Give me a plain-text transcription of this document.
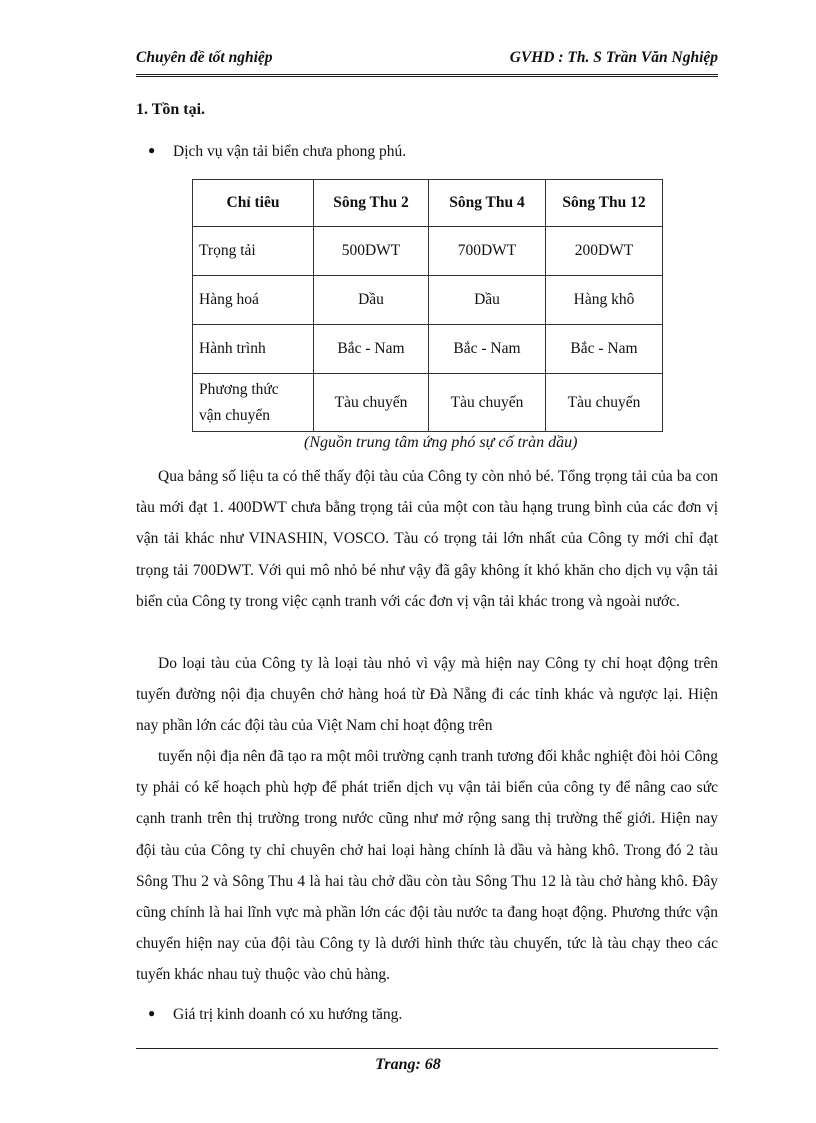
Chuyên đề tốt nghiệp	GVHD : Th. S Trần Văn Nghiệp
1. Tồn tại.
● Dịch vụ vận tải biển chưa phong phú.
Chỉ tiêu	Sông Thu 2	Sông Thu 4	Sông Thu 12
Trọng tải	500DWT	700DWT	200DWT
Hàng hoá	Dầu	Dầu	Hàng khô
Hành trình	Bắc - Nam	Bắc - Nam	Bắc - Nam

Phương thức
vận chuyển	Tàu chuyến	Tàu chuyến	Tàu chuyến
(Nguồn trung tâm ứng phó sự cố tràn dầu)

Qua bảng số liệu ta có thể thấy đội tàu của Công ty còn nhỏ bé. Tổng trọng tải của ba con tàu mới đạt 1. 400DWT chưa bằng trọng tải của một con tàu hạng trung bình của các đơn vị vận tải khác như VINASHIN, VOSCO. Tàu có trọng tải lớn nhất của Công ty mới chỉ đạt trọng tải 700DWT. Với qui mô nhỏ bé như vậy đã gây không ít khó khăn cho dịch vụ vận tải biển của Công ty trong việc cạnh tranh với các đơn vị vận tải khác trong và ngoài nước.

Do loại tàu của Công ty là loại tàu nhỏ vì vậy mà hiện nay Công ty chỉ hoạt động trên tuyến đường nội địa chuyên chở hàng hoá từ Đà Nẵng đi các tỉnh khác và ngược lại. Hiện nay phần lớn các đội tàu của Việt Nam chỉ hoạt động trên

tuyến nội địa nên đã tạo ra một môi trường cạnh tranh tương đối khắc nghiệt đòi hỏi Công ty phải có kế hoạch phù hợp để phát triển dịch vụ vận tải biển của công ty để nâng cao sức cạnh tranh trên thị trường trong nước cũng như mở rộng sang thị trường thế giới. Hiện nay đội tàu của Công ty chỉ chuyên chở hai loại hàng chính là dầu và hàng khô. Trong đó 2 tàu Sông Thu 2 và Sông Thu 4 là hai tàu chở dầu còn tàu Sông Thu 12 là tàu chở hàng khô. Đây cũng chính là hai lĩnh vực mà phần lớn các đội tàu nước ta đang hoạt động. Phương thức vận chuyển hiện nay của đội tàu Công ty là dưới hình thức tàu chuyến, tức là tàu chạy theo các tuyến khác nhau tuỳ thuộc vào chủ hàng.

● Giá trị kinh doanh có xu hướng tăng.
Trang: 68
